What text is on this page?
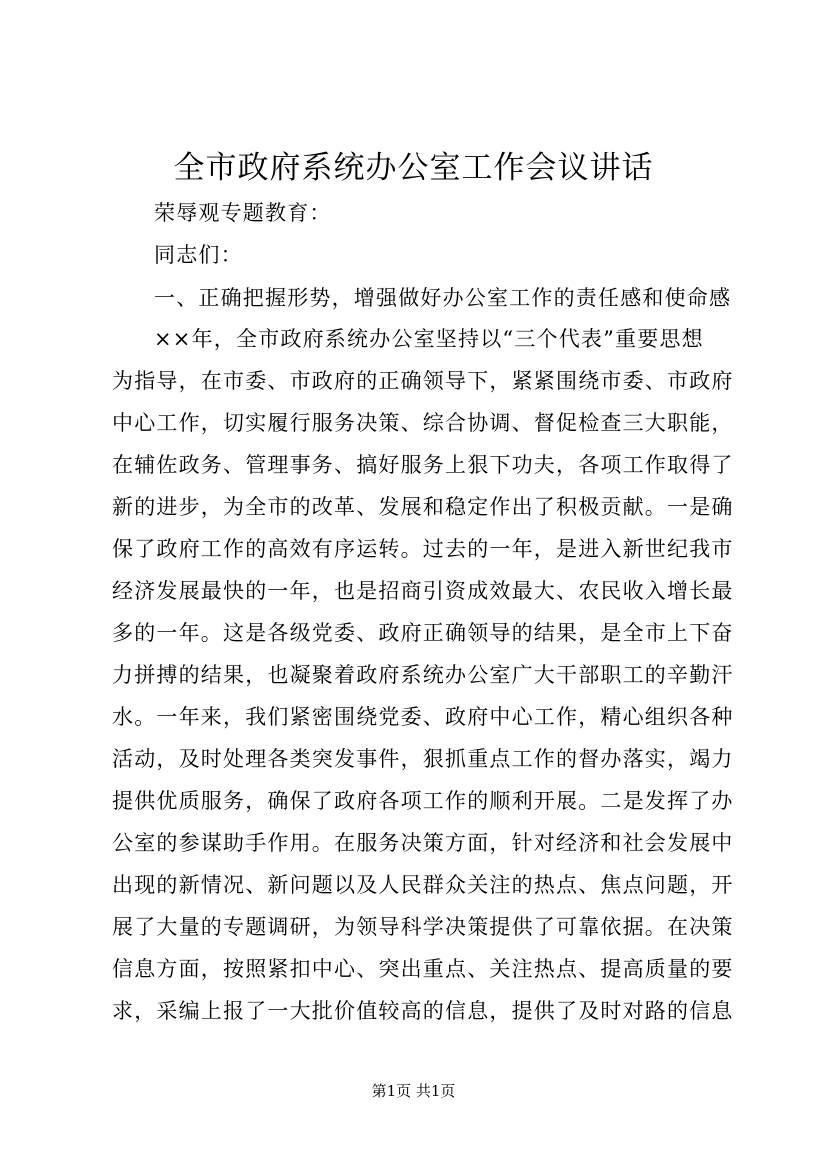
全市政府系统办公室工作会议讲话

荣辱观专题教育：

同志们：

一、正确把握形势，增强做好办公室工作的责任感和使命感

××年，全市政府系统办公室坚持以“三个代表”重要思想

为指导，在市委、市政府的正确领导下，紧紧围绕市委、市政府

中心工作，切实履行服务决策、综合协调、督促检查三大职能，

在辅佐政务、管理事务、搞好服务上狠下功夫，各项工作取得了

新的进步，为全市的改革、发展和稳定作出了积极贡献。一是确

保了政府工作的高效有序运转。过去的一年，是进入新世纪我市

经济发展最快的一年，也是招商引资成效最大、农民收入增长最

多的一年。这是各级党委、政府正确领导的结果，是全市上下奋

力拼搏的结果，也凝聚着政府系统办公室广大干部职工的辛勤汗

水。一年来，我们紧密围绕党委、政府中心工作，精心组织各种

活动，及时处理各类突发事件，狠抓重点工作的督办落实，竭力

提供优质服务，确保了政府各项工作的顺利开展。二是发挥了办

公室的参谋助手作用。在服务决策方面，针对经济和社会发展中

出现的新情况、新问题以及人民群众关注的热点、焦点问题，开

展了大量的专题调研，为领导科学决策提供了可靠依据。在决策

信息方面，按照紧扣中心、突出重点、关注热点、提高质量的要

求，采编上报了一大批价值较高的信息，提供了及时对路的信息

第1页 共1页
